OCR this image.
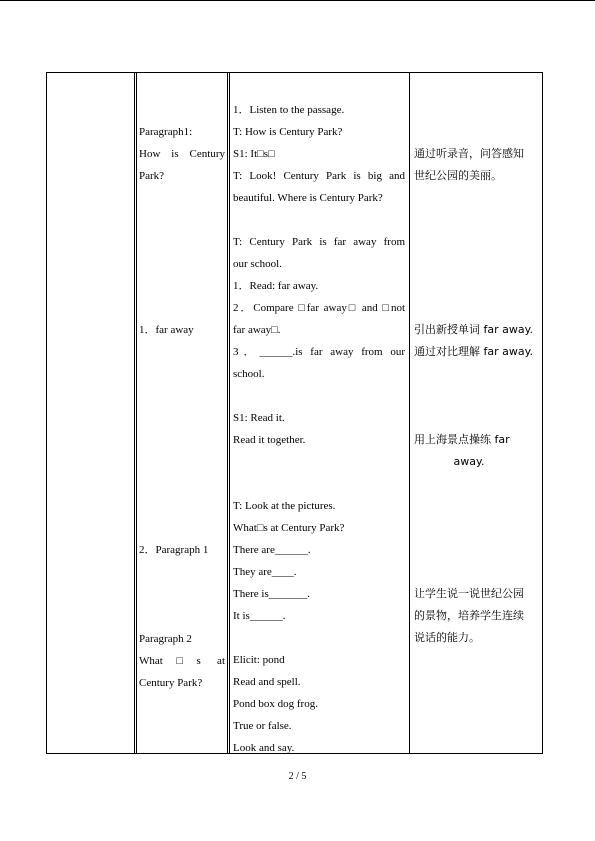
Paragraph1:
How is Century
Park?
1．far away
2．Paragraph 1
Paragraph 2
What□s at
Century Park?
1．Listen to the passage.
T: How is Century Park?
S1: It□s□
T: Look! Century Park is big and
beautiful. Where is Century Park?
T: Century Park is far away from
our school.
1．Read: far away.
2．Compare □far away□ and □not
far away□.
3．______.is far away from our
school.
S1: Read it.
Read it together.
T: Look at the pictures.
What□s at Century Park?
There are______.
They are____.
There is_______.
It is______.
Elicit: pond
Read and spell.
Pond box dog frog.
True or false.
Look and say.
通过听录音，问答感知
世纪公园的美丽。
引出新授单词 far away.
通过对比理解 far away.
用上海景点操练 far
away.
让学生说一说世纪公园
的景物，培养学生连续
说话的能力。
2 / 5
